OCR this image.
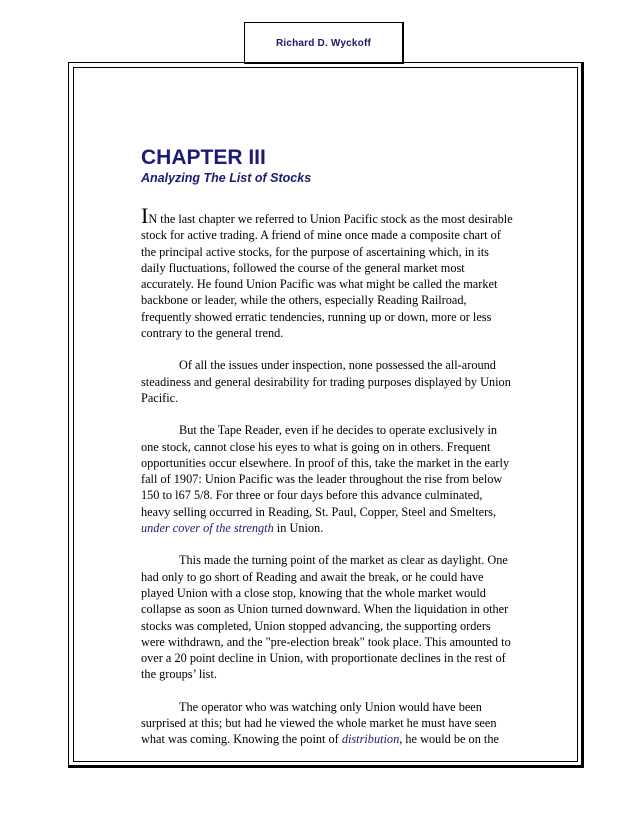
Richard D. Wyckoff
CHAPTER III
Analyzing The List of Stocks

IN the last chapter we referred to Union Pacific stock as the most desirable stock for active trading. A friend of mine once made a composite chart of the principal active stocks, for the purpose of ascertaining which, in its daily fluctuations, followed the course of the general market most accurately. He found Union Pacific was what might be called the market backbone or leader, while the others, especially Reading Railroad, frequently showed erratic tendencies, running up or down, more or less contrary to the general trend.

Of all the issues under inspection, none possessed the all-around steadiness and general desirability for trading purposes displayed by Union Pacific.

But the Tape Reader, even if he decides to operate exclusively in one stock, cannot close his eyes to what is going on in others. Frequent opportunities occur elsewhere. In proof of this, take the market in the early fall of 1907: Union Pacific was the leader throughout the rise from below 150 to l67 5/8. For three or four days before this advance culminated, heavy selling occurred in Reading, St. Paul, Copper, Steel and Smelters, under cover of the strength in Union.

This made the turning point of the market as clear as daylight. One had only to go short of Reading and await the break, or he could have played Union with a close stop, knowing that the whole market would collapse as soon as Union turned downward. When the liquidation in other stocks was completed, Union stopped advancing, the supporting orders were withdrawn, and the "pre-election break" took place. This amounted to over a 20 point decline in Union, with proportionate declines in the rest of the groups’ list.

The operator who was watching only Union would have been surprised at this; but had he viewed the whole market he must have seen what was coming. Knowing the point of distribution, he would be on the
